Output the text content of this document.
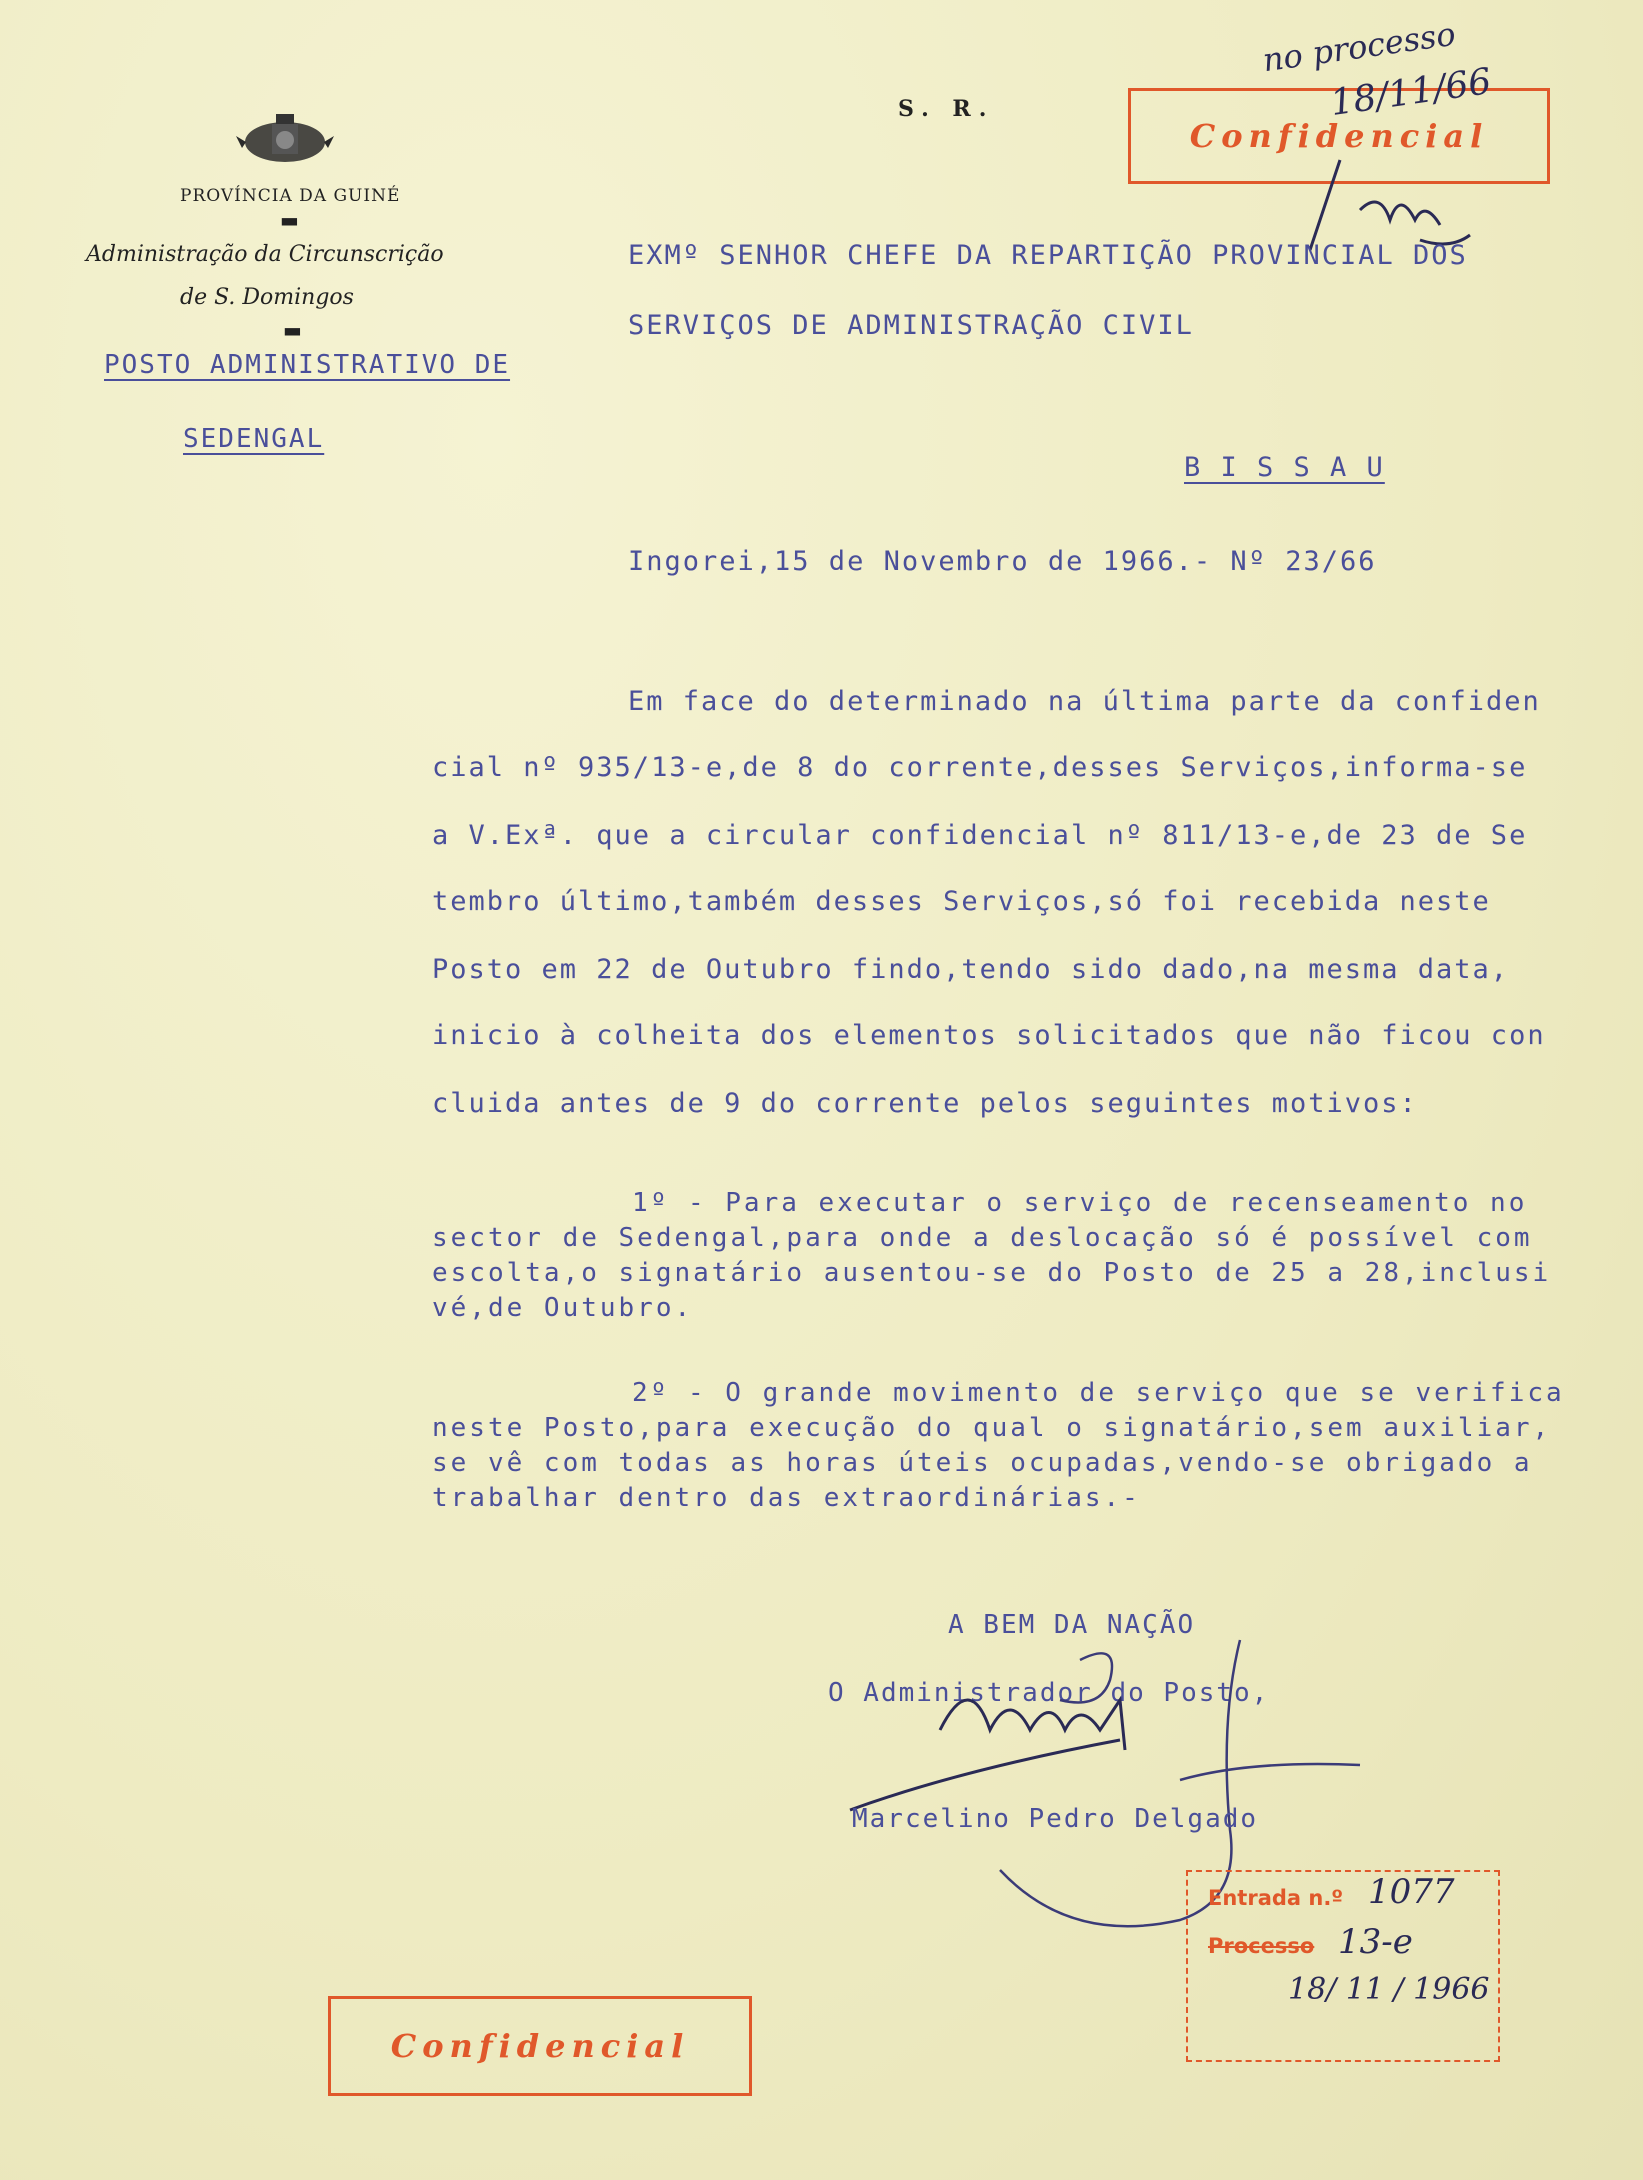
PROVÍNCIA DA GUINÉ
▬
Administração da Circunscrição
de S. Domingos
▬
POSTO ADMINISTRATIVO DE
SEDENGAL
S. R.
Confidencial
no processo
18/11/66
EXMº SENHOR CHEFE DA REPARTIÇÃO PROVINCIAL DOS
SERVIÇOS DE ADMINISTRAÇÃO CIVIL
B I S S A U
Ingorei,15 de Novembro de 1966.- Nº 23/66
Em face do determinado na última parte da confiden
cial nº 935/13-e,de 8 do corrente,desses Serviços,informa-se
a V.Exª. que a circular confidencial nº 811/13-e,de 23 de Se
tembro último,também desses Serviços,só foi recebida neste
Posto em 22 de Outubro findo,tendo sido dado,na mesma data,
inicio à colheita dos elementos solicitados que não ficou con
cluida antes de 9 do corrente pelos seguintes motivos:
1º - Para executar o serviço de recenseamento no
sector de Sedengal,para onde a deslocação só é possível com
escolta,o signatário ausentou-se do Posto de 25 a 28,inclusi
vé,de Outubro.
2º - O grande movimento de serviço que se verifica
neste Posto,para execução do qual o signatário,sem auxiliar,
se vê com todas as horas úteis ocupadas,vendo-se obrigado a
trabalhar dentro das extraordinárias.-
A BEM DA NAÇÃO
O Administrador do Posto,
Marcelino Pedro Delgado
Confidencial
Entrada n.º 1077
Processo 13-e
18/ 11 / 1966
